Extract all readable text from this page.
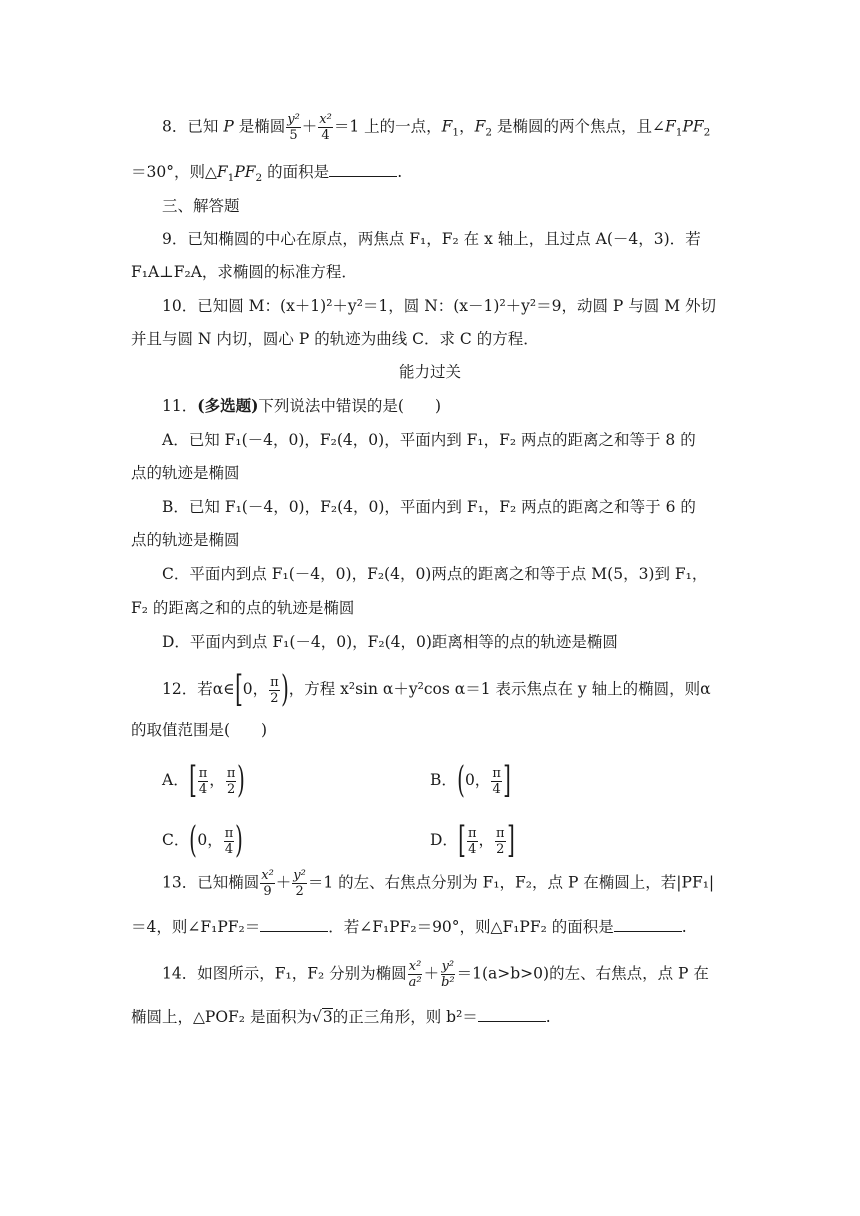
8．已知 P 是椭圆 $\frac{\text{y²}}{5} + \frac{\text{x²}}{4} =1$ 上的一点，$F_1$，$F_2$ 是椭圆的两个焦点，且$\angle F_1PF_2$
＝30°，则$\triangle F_1PF_2$ 的面积是	.
三、解答题
9．已知椭圆的中心在原点，两焦点 F₁，F₂ 在 x 轴上，且过点 A(－4，3)．若
F₁A⊥F₂A，求椭圆的标准方程．
10．已知圆 M：(x＋1)²＋y²＝1，圆 N：(x－1)²＋y²＝9，动圆 P 与圆 M 外切
并且与圆 N 内切，圆心 P 的轨迹为曲线 C．求 C 的方程．
能力过关
11．(多选题)下列说法中错误的是(　　)
A．已知 F₁(－4，0)，F₂(4，0)，平面内到 F₁，F₂ 两点的距离之和等于 8 的
点的轨迹是椭圆
B．已知 F₁(－4，0)，F₂(4，0)，平面内到 F₁，F₂ 两点的距离之和等于 6 的
点的轨迹是椭圆
C．平面内到点 F₁(－4，0)，F₂(4，0)两点的距离之和等于点 M(5，3)到 F₁，
F₂ 的距离之和的点的轨迹是椭圆
D．平面内到点 F₁(－4，0)，F₂(4，0)距离相等的点的轨迹是椭圆
12．若α∈[0， $\frac{\pi}{2}$ )，方程 x²sin α＋y²cos α＝1 表示焦点在 y 轴上的椭圆，则α
的取值范围是(　　)
A．[ $\frac{\pi}{4}$ ， $\frac{\pi}{2}$ )	B．(0， $\frac{\pi}{4}$ ]
C．(0， $\frac{\pi}{4}$ )	D．[ $\frac{\pi}{4}$ ， $\frac{\pi}{2}$ ]
13．已知椭圆 $\frac{\text{x²}}{9} + \frac{\text{y²}}{2} =1$ 的左、右焦点分别为 F₁，F₂，点 P 在椭圆上，若|PF₁|
＝4，则∠F₁PF₂＝	．若∠F₁PF₂＝90°，则△F₁PF₂ 的面积是	.
14．如图所示，F₁，F₂ 分别为椭圆 $\frac{\text{x²}}{\text{a²}} + \frac{\text{y²}}{\text{b²}} =1(a>b>0)$的左、右焦点，点 P 在
椭圆上，△POF₂ 是面积为√3的正三角形，则 b²＝	.
